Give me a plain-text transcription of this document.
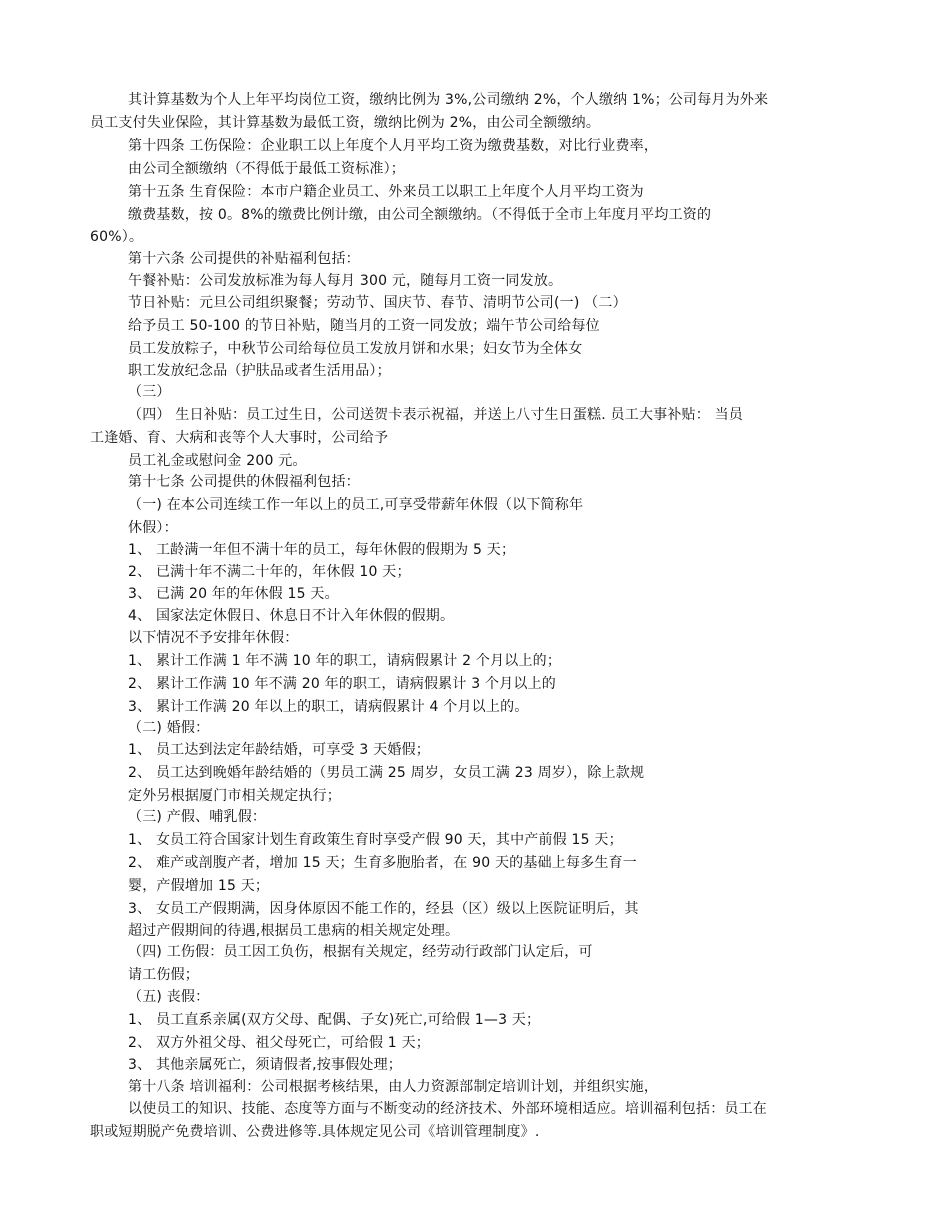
其计算基数为个人上年平均岗位工资，缴纳比例为 3%,公司缴纳 2%，个人缴纳 1%；公司每月为外来
员工支付失业保险，其计算基数为最低工资，缴纳比例为 2%，由公司全额缴纳。
第十四条 工伤保险：企业职工以上年度个人月平均工资为缴费基数，对比行业费率，
由公司全额缴纳（不得低于最低工资标准）；
第十五条 生育保险：本市户籍企业员工、外来员工以职工上年度个人月平均工资为
缴费基数，按 0。8%的缴费比例计缴，由公司全额缴纳。（不得低于全市上年度月平均工资的
60%）。
第十六条 公司提供的补贴福利包括：
午餐补贴：公司发放标准为每人每月 300 元，随每月工资一同发放。
节日补贴：元旦公司组织聚餐；劳动节、国庆节、春节、清明节公司(一) （二）
给予员工 50-100 的节日补贴，随当月的工资一同发放；端午节公司给每位
员工发放粽子，中秋节公司给每位员工发放月饼和水果；妇女节为全体女
职工发放纪念品（护肤品或者生活用品）；
（三）
（四） 生日补贴：员工过生日，公司送贺卡表示祝福，并送上八寸生日蛋糕. 员工大事补贴： 当员
工逢婚、育、大病和丧等个人大事时，公司给予
员工礼金或慰问金 200 元。
第十七条 公司提供的休假福利包括：
（一) 在本公司连续工作一年以上的员工,可享受带薪年休假（以下简称年
休假）：
1、 工龄满一年但不满十年的员工，每年休假的假期为 5 天；
2、 已满十年不满二十年的，年休假 10 天；
3、 已满 20 年的年休假 15 天。
4、 国家法定休假日、休息日不计入年休假的假期。
以下情况不予安排年休假：
1、 累计工作满 1 年不满 10 年的职工，请病假累计 2 个月以上的；
2、 累计工作满 10 年不满 20 年的职工，请病假累计 3 个月以上的
3、 累计工作满 20 年以上的职工，请病假累计 4 个月以上的。
（二) 婚假：
1、 员工达到法定年龄结婚，可享受 3 天婚假；
2、 员工达到晚婚年龄结婚的（男员工满 25 周岁，女员工满 23 周岁），除上款规
定外另根据厦门市相关规定执行；
（三) 产假、哺乳假：
1、 女员工符合国家计划生育政策生育时享受产假 90 天，其中产前假 15 天；
2、 难产或剖腹产者，增加 15 天；生育多胞胎者，在 90 天的基础上每多生育一
婴，产假增加 15 天；
3、 女员工产假期满，因身体原因不能工作的，经县（区）级以上医院证明后，其
超过产假期间的待遇,根据员工患病的相关规定处理。
（四) 工伤假：员工因工负伤，根据有关规定，经劳动行政部门认定后，可
请工伤假；
（五) 丧假：
1、 员工直系亲属(双方父母、配偶、子女)死亡,可给假 1—3 天；
2、 双方外祖父母、祖父母死亡，可给假 1 天；
3、 其他亲属死亡，须请假者,按事假处理；
第十八条 培训福利：公司根据考核结果，由人力资源部制定培训计划，并组织实施，
以使员工的知识、技能、态度等方面与不断变动的经济技术、外部环境相适应。培训福利包括：员工在
职或短期脱产免费培训、公费进修等.具体规定见公司《培训管理制度》.
